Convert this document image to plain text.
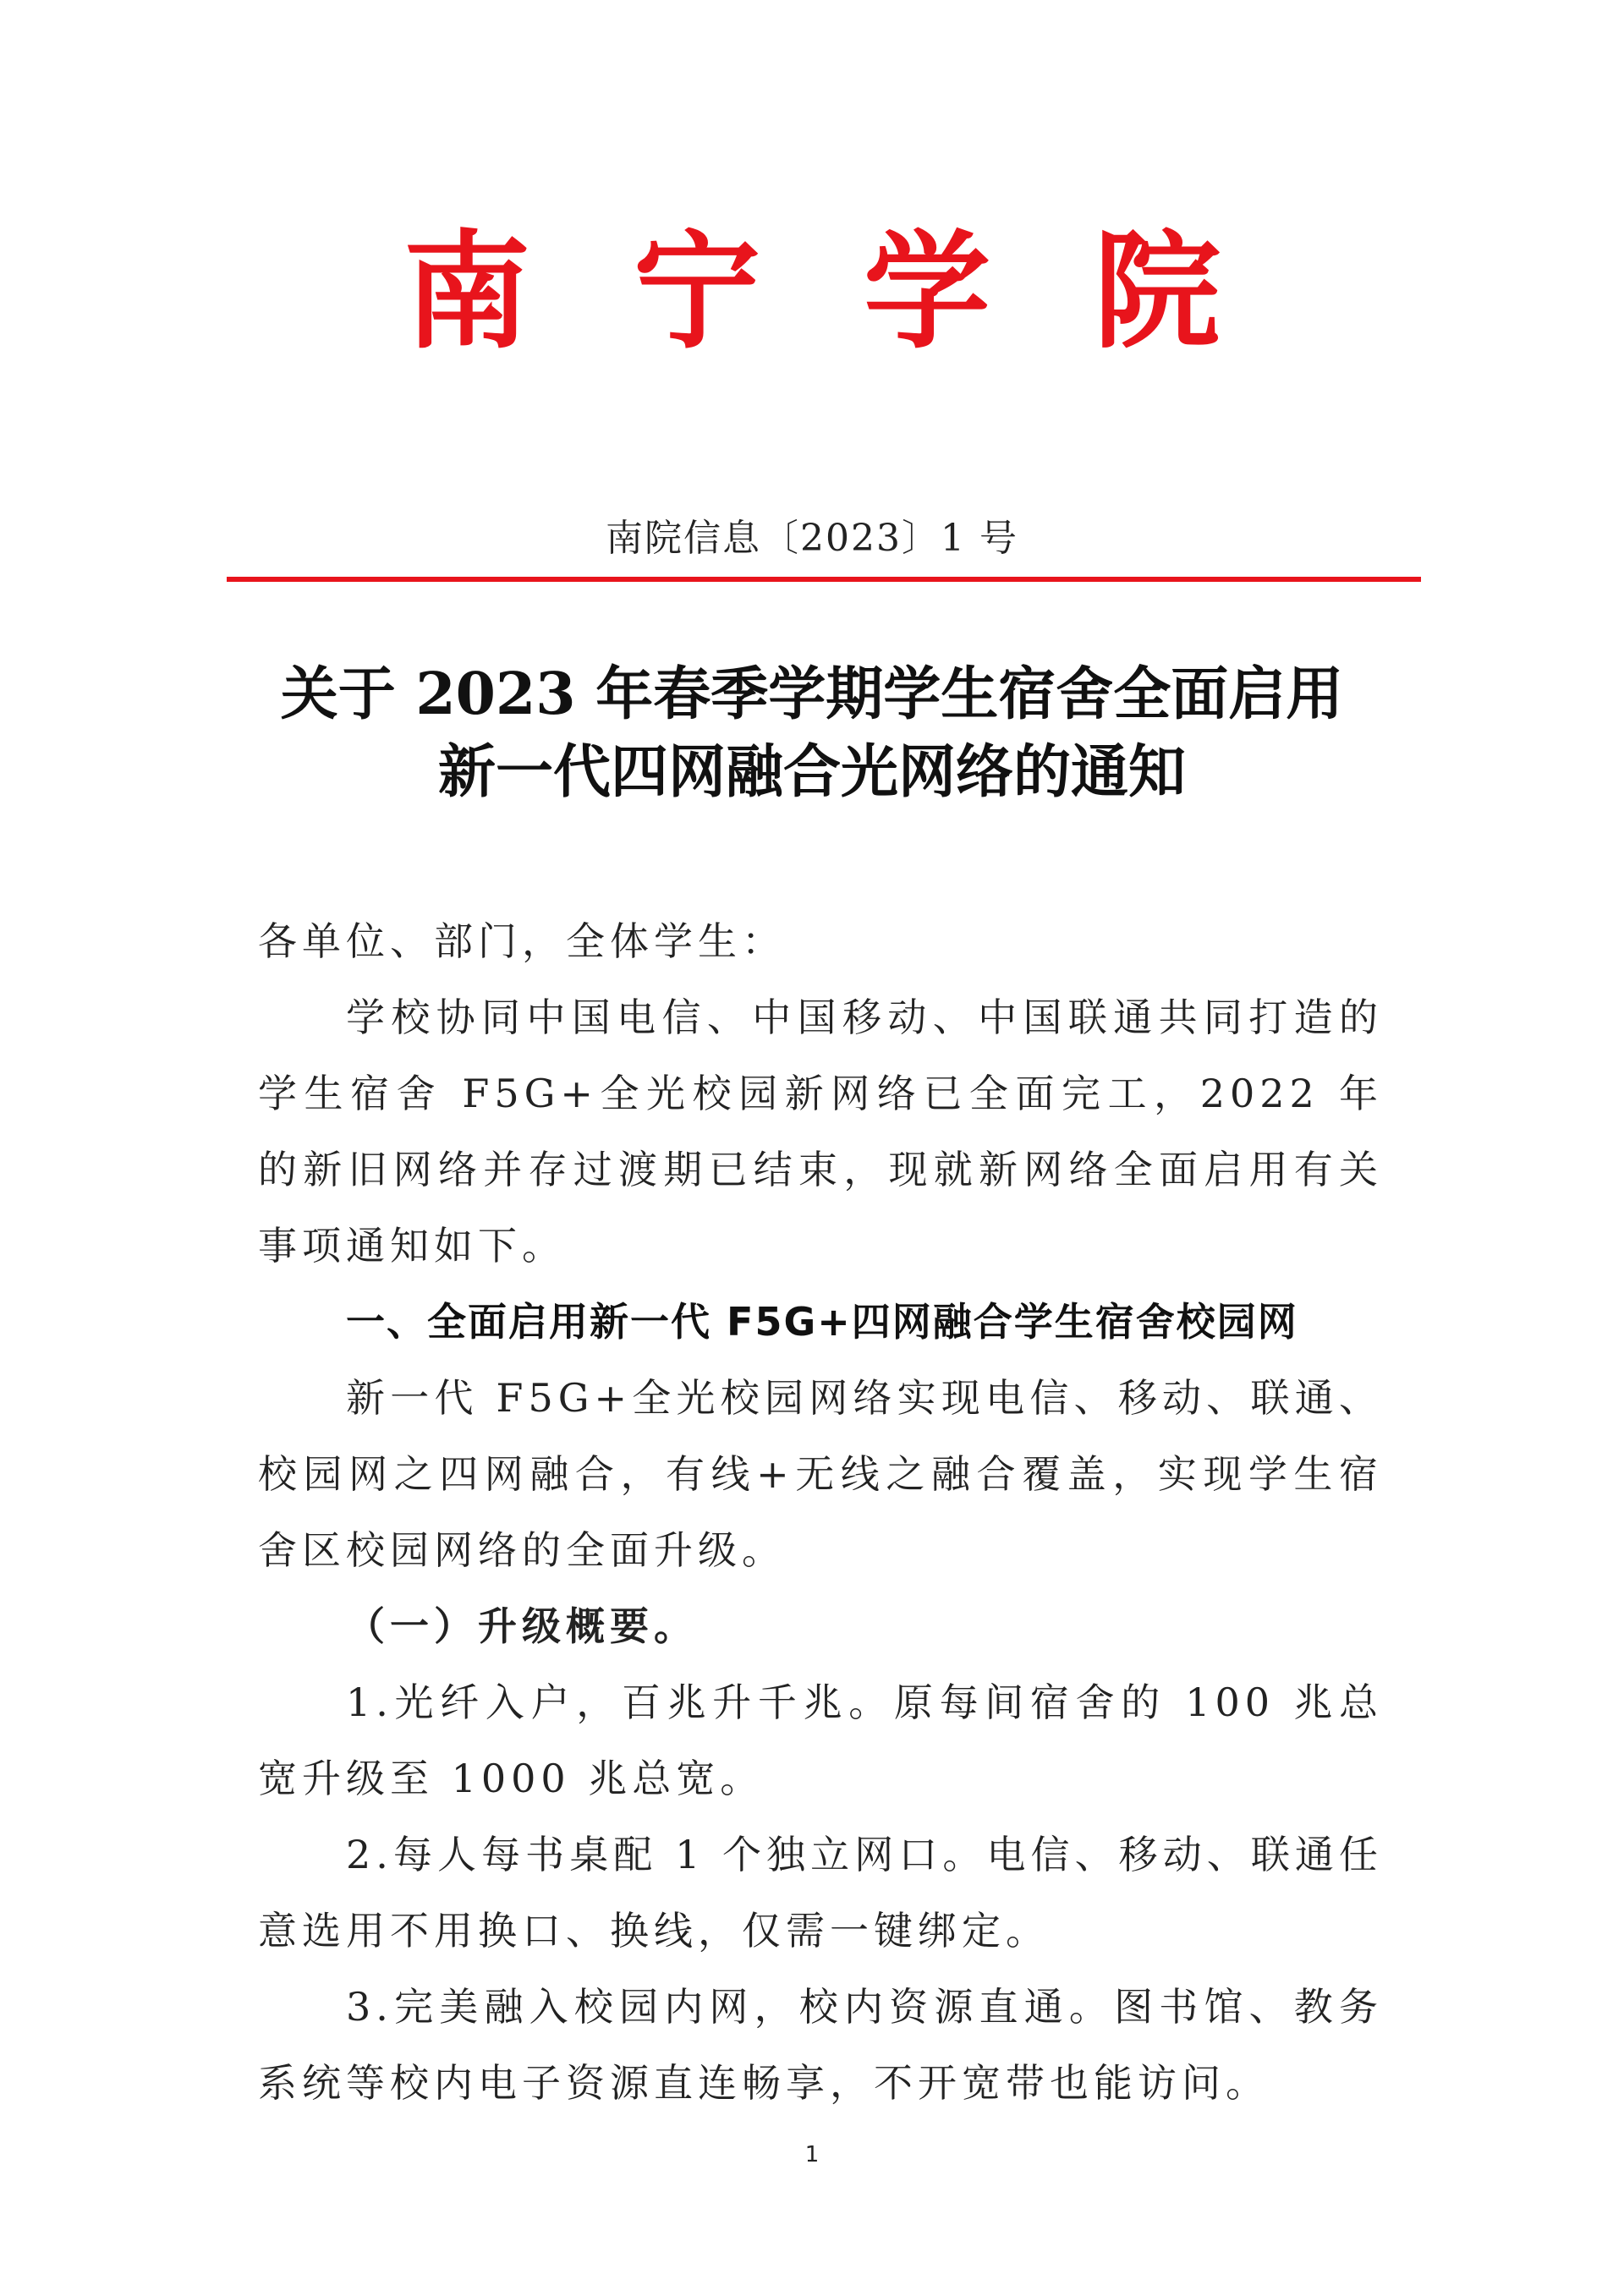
南 宁 学 院
南院信息〔2023〕1 号
关于 2023 年春季学期学生宿舍全面启用
新一代四网融合光网络的通知

各单位、部门，全体学生：

学校协同中国电信、中国移动、中国联通共同打造的学生宿舍 F5G+全光校园新网络已全面完工，2022 年的新旧网络并存过渡期已结束，现就新网络全面启用有关事项通知如下。

一、全面启用新一代 F5G+四网融合学生宿舍校园网

新一代 F5G+全光校园网络实现电信、移动、联通、校园网之四网融合，有线+无线之融合覆盖，实现学生宿舍区校园网络的全面升级。

（一）升级概要。

1.光纤入户，百兆升千兆。原每间宿舍的 100 兆总宽升级至 1000 兆总宽。

2.每人每书桌配 1 个独立网口。电信、移动、联通任意选用不用换口、换线，仅需一键绑定。

3.完美融入校园内网，校内资源直通。图书馆、教务系统等校内电子资源直连畅享，不开宽带也能访问。

1
